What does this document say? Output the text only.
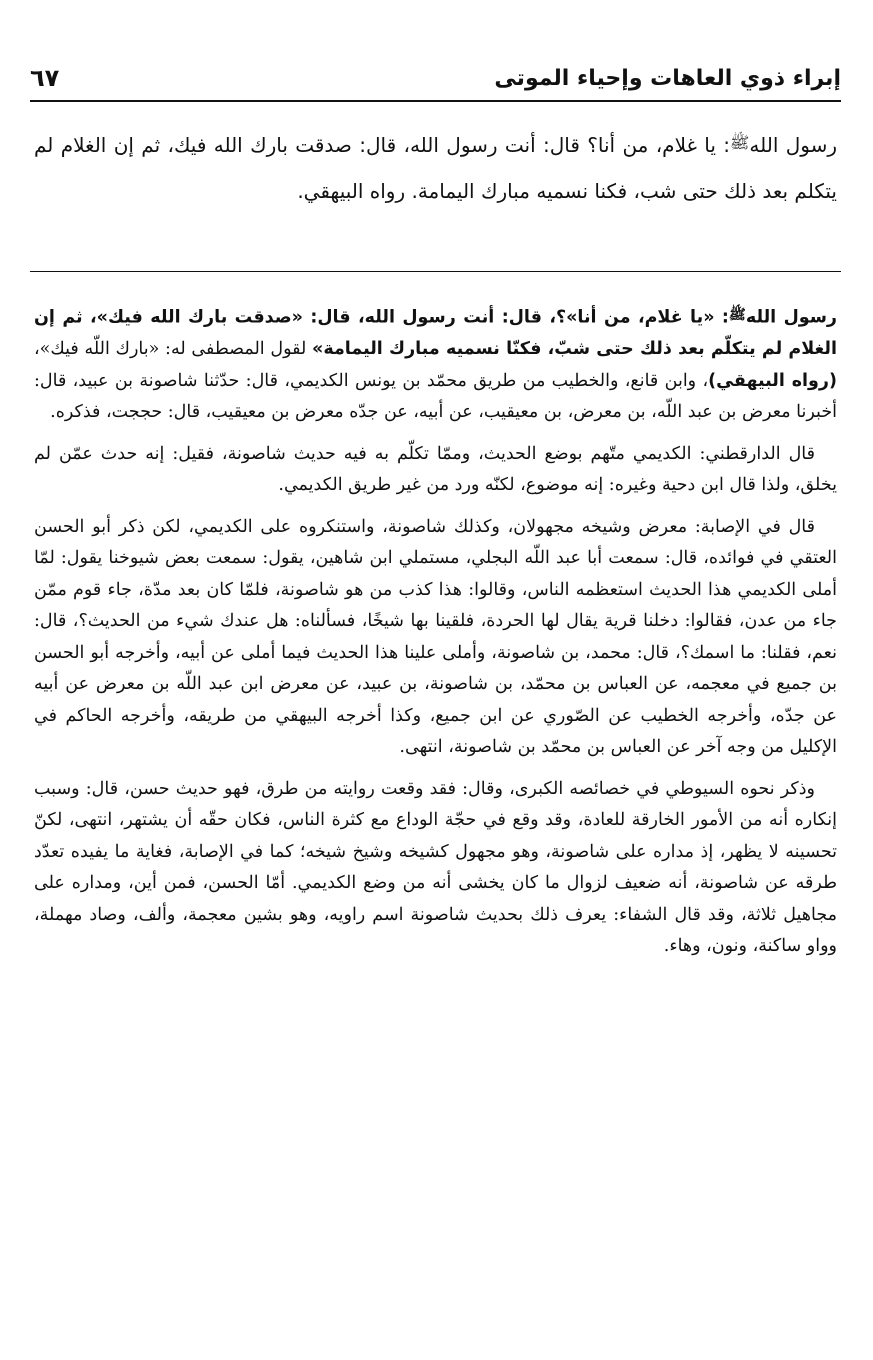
إبراء ذوي العاهات وإحياء الموتى
٦٧
رسول الله$^ﷺ$: يا غلام، من أنا؟ قال: أنت رسول الله، قال: صدقت بارك الله فيك، ثم إن الغلام لم يتكلم بعد ذلك حتى شب، فكنا نسميه مبارك اليمامة. رواه البيهقي.

رسول الله$^ﷺ$: «يا غلام، من أنا»؟، قال: أنت رسول الله، قال: «صدقت بارك الله فيك»، ثم إن الغلام لم يتكلّم بعد ذلك حتى شبّ، فكنّا نسميه مبارك اليمامة» لقول المصطفى له: «بارك اللّه فيك»، (رواه البيهقي)، وابن قانع، والخطيب من طريق محمّد بن يونس الكديمي، قال: حدّثنا شاصونة بن عبيد، قال: أخبرنا معرض بن عبد اللّه، بن معرض، بن معيقيب، عن أبيه، عن جدّه معرض بن معيقيب، قال: حججت، فذكره.

قال الدارقطني: الكديمي متّهم بوضع الحديث، وممّا تكلّم به فيه حديث شاصونة، فقيل: إنه حدث عمّن لم يخلق، ولذا قال ابن دحية وغيره: إنه موضوع، لكنّه ورد من غير طريق الكديمي.

قال في الإصابة: معرض وشيخه مجهولان، وكذلك شاصونة، واستنكروه على الكديمي، لكن ذكر أبو الحسن العتقي في فوائده، قال: سمعت أبا عبد اللّه البجلي، مستملي ابن شاهين، يقول: سمعت بعض شيوخنا يقول: لمّا أملى الكديمي هذا الحديث استعظمه الناس، وقالوا: هذا كذب من هو شاصونة، فلمّا كان بعد مدّة، جاء قوم ممّن جاء من عدن، فقالوا: دخلنا قرية يقال لها الحردة، فلقينا بها شيخًا، فسألناه: هل عندك شيء من الحديث؟، قال: نعم، فقلنا: ما اسمك؟، قال: محمد، بن شاصونة، وأملى علينا هذا الحديث فيما أملى عن أبيه، وأخرجه أبو الحسن بن جميع في معجمه، عن العباس بن محمّد، بن شاصونة، بن عبيد، عن معرض ابن عبد اللّه بن معرض عن أبيه عن جدّه، وأخرجه الخطيب عن الصّوري عن ابن جميع، وكذا أخرجه البيهقي من طريقه، وأخرجه الحاكم في الإكليل من وجه آخر عن العباس بن محمّد بن شاصونة، انتهى.

وذكر نحوه السيوطي في خصائصه الكبرى، وقال: فقد وقعت روايته من طرق، فهو حديث حسن، قال: وسبب إنكاره أنه من الأمور الخارقة للعادة، وقد وقع في حجّة الوداع مع كثرة الناس، فكان حقّه أن يشتهر، انتهى، لكنّ تحسينه لا يظهر، إذ مداره على شاصونة، وهو مجهول كشيخه وشيخ شيخه؛ كما في الإصابة، فغاية ما يفيده تعدّد طرقه عن شاصونة، أنه ضعيف لزوال ما كان يخشى أنه من وضع الكديمي. أمّا الحسن، فمن أين، ومداره على مجاهيل ثلاثة، وقد قال الشفاء: يعرف ذلك بحديث شاصونة اسم راويه، وهو بشين معجمة، وألف، وصاد مهملة، وواو ساكنة، ونون، وهاء.
